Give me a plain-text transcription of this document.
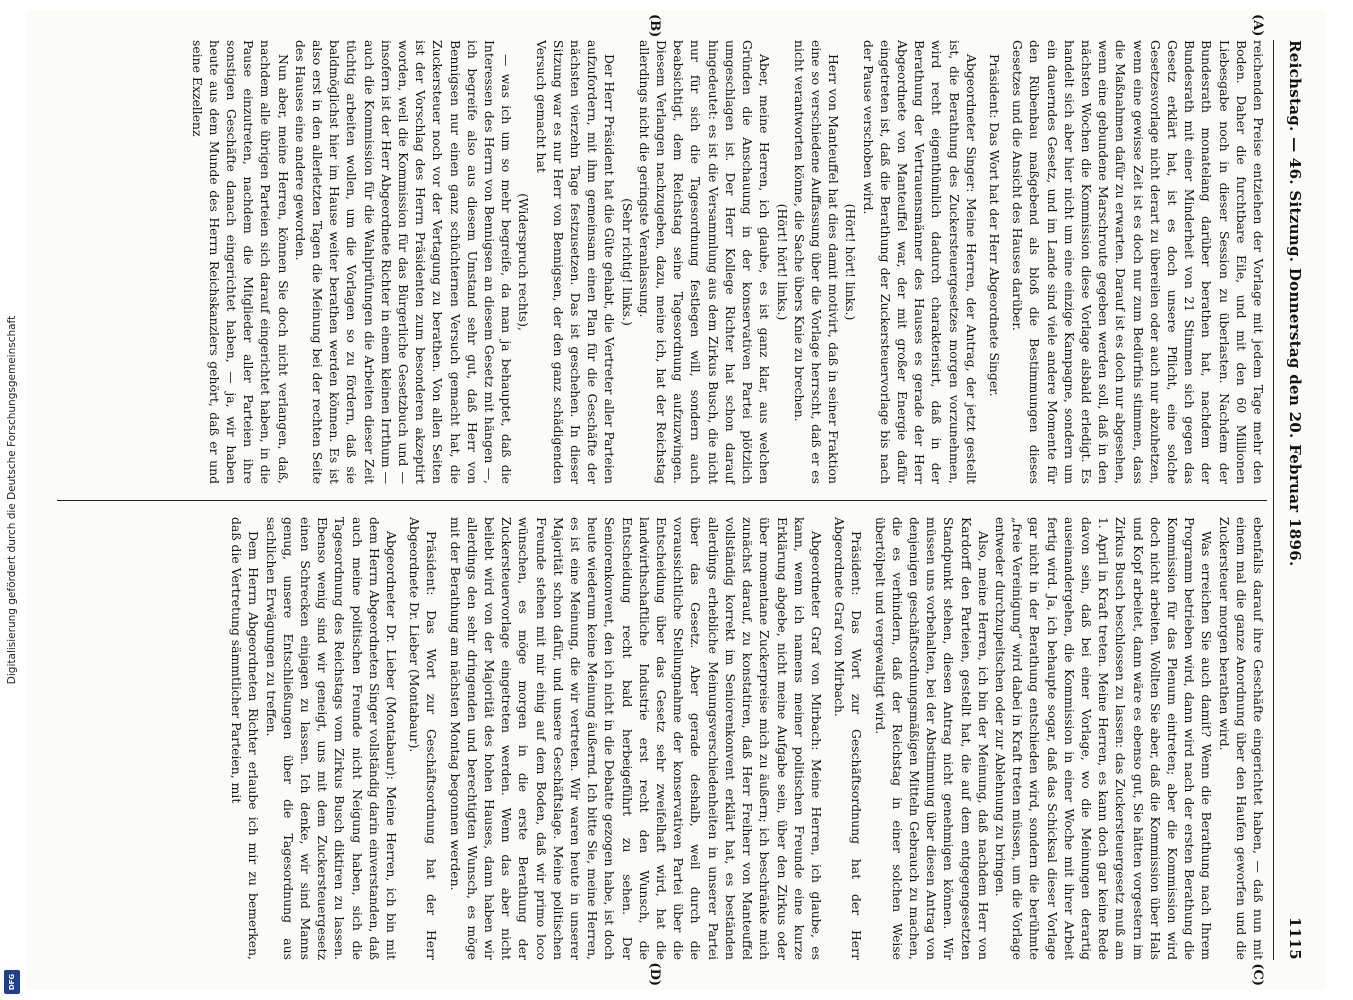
Digitalisierung gefördert durch die Deutsche Forschungsgemeinschaft
DFG
Reichstag. — 46. Sitzung. Donnerstag den 20. Februar 1896.
1115
(A)
(B)
(C)
(D)

reichenden Preise entziehen der Vorlage mit jedem Tage mehr den Boden. Daher die furchtbare Eile, und mit den 60 Millionen Liebesgabe noch in dieser Session zu überlasten. Nachdem der Bundesrath monatelang darüber berathen hat, nachdem der Bundesrath mit einer Minderheit von 21 Stimmen sich gegen das Gesetz erklärt hat, ist es doch unsere Pflicht, eine solche Gesetzesvorlage nicht derart zu übereilen oder auch nur abzuhetzen, wenn eine gewisse Zeit ist es doch nur zum Bedürfnis stimmen, dass die Maßnahmen dafür zu erwarten. Darauf ist es doch nur abgesehen, wenn eine gebundene Marschroute gegeben werden soll, daß in den nächsten Wochen die Kommission diese Vorlage alsbald erledigt. Es handelt sich aber hier nicht um eine einzige Kampagne, sondern um ein dauerndes Gesetz, und im Lande sind viele andere Momente für den Rübenbau maßgebend als bloß die Bestimmungen dieses Gesetzes und die Ansicht des Hauses darüber.

Präsident: Das Wort hat der Herr Abgeordnete Singer.

Abgeordneter Singer: Meine Herren, der Antrag, der jetzt gestellt ist, die Berathung des Zuckersteuergesetzes morgen vorzunehmen, wird recht eigenthümlich dadurch charakterisirt, daß in der Berathung der Vertrauensmänner des Hauses es gerade der Herr Abgeordnete von Manteuffel war, der mit großer Energie dafür eingetreten ist, daß die Berathung der Zuckersteuervorlage bis nach der Pause verschoben wird.

(Hört! hört! links.)

Herr von Manteuffel hat dies damit motivirt, daß in seiner Fraktion eine so verschiedene Auffassung über die Vorlage herrscht, daß er es nicht verantworten könne, die Sache übers Knie zu brechen.

(Hört! hört! links.)

Aber, meine Herren, ich glaube, es ist ganz klar, aus welchen Gründen die Anschauung in der konservativen Partei plötzlich umgeschlagen ist. Der Herr Kollege Richter hat schon darauf hingedeutet: es ist die Versammlung aus dem Zirkus Busch, die nicht nur für sich die Tagesordnung festlegen will, sondern auch beabsichtigt, dem Reichstag seine Tagesordnung aufzuzwingen. Diesem Verlangen nachzugeben, dazu, meine ich, hat der Reichstag allerdings nicht die geringste Veranlassung.

(Sehr richtig! links.)

Der Herr Präsident hat die Güte gehabt, die Vertreter aller Parteien aufzufordern, mit ihm gemeinsam einen Plan für die Geschäfte der nächsten vierzehn Tage festzusetzen. Das ist geschehen. In dieser Sitzung war es nur Herr von Bennigsen, der den ganz schädigenden Versuch gemacht hat

(Widerspruch rechts),

— was ich um so mehr begreife, da man ja behauptet, daß die Interessen des Herrn von Bennigsen an diesem Gesetz mit hängen —, ich begreife also aus diesem Umstand sehr gut, daß Herr von Bennigsen nur einen ganz schüchternen Versuch gemacht hat, die Zuckersteuer noch vor der Vertagung zu berathen. Von allen Seiten ist der Vorschlag des Herrn Präsidenten zum besonderen akzeptirt worden, weil die Kommission für das Bürgerliche Gesetzbuch und — insofern ist der Herr Abgeordnete Richter in einem kleinen Irrthum — auch die Kommission für die Wahlprüfungen die Arbeiten dieser Zeit tüchtig arbeiten wollen, um die Vorlagen so zu fördern, daß sie baldmöglichst hier im Hause weiter berathen werden können. Es ist also erst in den allerletzten Tagen die Meinung bei der rechten Seite des Hauses eine andere geworden.

Nun aber, meine Herren, können Sie doch nicht verlangen, daß, nachdem alle übrigen Parteien sich darauf eingerichtet haben, in die Pause einzutreten, nachdem die Mitglieder aller Parteien ihre sonstigen Geschäfte danach eingerichtet haben, — ja, wir haben heute aus dem Munde des Herrn Reichskanzlers gehört, daß er und seine Exzellenz

ebenfalls darauf ihre Geschäfte eingerichtet haben, — daß nun mit einem mal die ganze Anordnung über den Haufen geworfen und die Zuckersteuer morgen berathen wird.

Was erreichen Sie auch damit? Wenn die Berathung nach Ihrem Programm betrieben wird, dann wird nach der ersten Berathung die Kommission für das Plenum eintreten; aber die Kommission wird doch nicht arbeiten. Wollten Sie aber, daß die Kommission über Hals und Kopf arbeitet, dann wäre es ebenso gut, Sie hätten vorgestern im Zirkus Busch beschlossen zu lassen: das Zuckersteuergesetz muß am 1. April in Kraft treten. Meine Herren, es kann doch gar keine Rede davon sein, daß bei einer Vorlage, wo die Meinungen derartig auseinandergehen, die Kommission in einer Woche mit ihrer Arbeit fertig wird. Ja, ich behaupte sogar, daß das Schicksal dieser Vorlage gar nicht in der Berathung entschieden wird, sondern die berühmte „freie Vereinigung“ wird dabei in Kraft treten müssen, um die Vorlage entweder durchzupeitschen oder zur Ablehnung zu bringen.

Also, meine Herren, ich bin der Meinung, daß nachdem Herr von Kardorff den Parteien, gestellt hat, die auf dem entgegengesetzten Standpunkt stehen, diesen Antrag nicht genehmigen können. Wir müssen uns vorbehalten, bei der Abstimmung über diesen Antrag von denjenigen geschäftsordnungsmäßigen Mitteln Gebrauch zu machen, die es verhindern, daß der Reichstag in einer solchen Weise übertölpelt und vergewaltigt wird.

Präsident: Das Wort zur Geschäftsordnung hat der Herr Abgeordnete Graf von Mirbach.

Abgeordneter Graf von Mirbach: Meine Herren, ich glaube, es kann, wenn ich namens meiner politischen Freunde eine kurze Erklärung abgebe, nicht meine Aufgabe sein, über den Zirkus oder über momentane Zuckerpreise mich zu äußern; ich beschränke mich zunächst darauf, zu konstatiren, daß Herr Freiherr von Manteuffel vollständig korrekt im Seniorenkonvent erklärt hat, es beständen allerdings erhebliche Meinungsverschiedenheiten in unserer Partei über das Gesetz. Aber gerade deshalb, weil durch die voraussichtliche Stellungnahme der konservativen Partei über die Entscheidung über das Gesetz sehr zweifelhaft wird, hat die landwirthschaftliche Industrie erst recht den Wunsch, die Entscheidung recht bald herbeigeführt zu sehen. Der Seniorenkonvent, den ich nicht in die Debatte gezogen habe, ist doch heute wiederum keine Meinung äußernd. Ich bitte Sie, meine Herren, es ist eine Meinung, die wir vertreten. Wir waren heute in unserer Majorität schon dafür, und unsere Geschäftslage. Meine politischen Freunde stehen mit mir einig auf dem Boden, daß wir primo loco wünschen, es möge morgen in die erste Berathung der Zuckersteuervorlage eingetreten werden. Wenn das aber nicht beliebt wird von der Majorität des hohen Hauses, dann haben wir allerdings den sehr dringenden und berechtigten Wunsch, es möge mit der Berathung am nächsten Montag begonnen werden.

Präsident: Das Wort zur Geschäftsordnung hat der Herr Abgeordnete Dr. Lieber (Montabaur).

Abgeordneter Dr. Lieber (Montabaur): Meine Herren, ich bin mit dem Herrn Abgeordneten Singer vollständig darin einverstanden, daß auch meine politischen Freunde nicht Neigung haben, sich die Tagesordnung des Reichstags vom Zirkus Busch diktiren zu lassen. Ebenso wenig sind wir geneigt, uns mit dem Zuckersteuergesetz einen Schrecken einjagen zu lassen. Ich denke, wir sind Manns genug, unsere Entschließungen über die Tagesordnung aus sachlichen Erwägungen zu treffen.

Dem Herrn Abgeordneten Richter erlaube ich mir zu bemerken, daß die Vertretung sämmtlicher Parteien, mit
